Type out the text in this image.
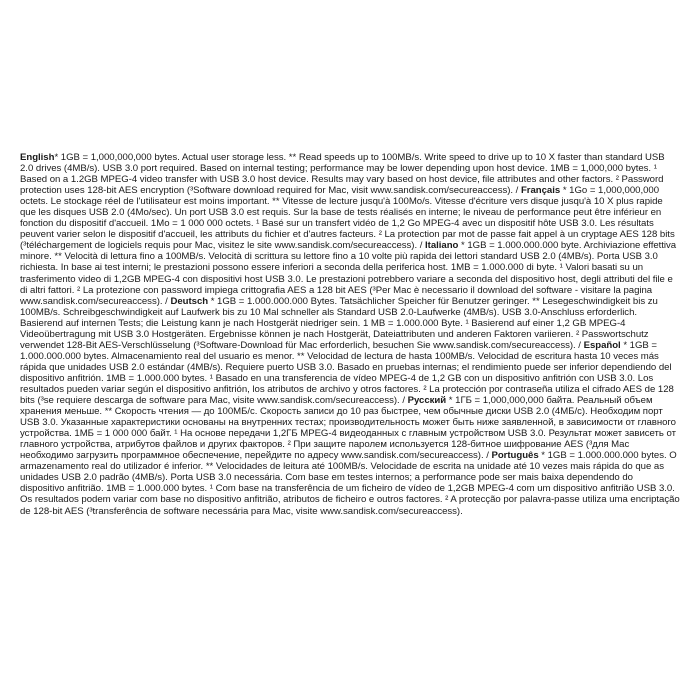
English* 1GB = 1,000,000,000 bytes. Actual user storage less. ** Read speeds up to 100MB/s. Write speed to drive up to 10 X faster than standard USB 2.0 drives (4MB/s). USB 3.0 port required. Based on internal testing; performance may be lower depending upon host device. 1MB = 1,000,000 bytes. ¹ Based on a 1.2GB MPEG-4 video transfer with USB 3.0 host device. Results may vary based on host device, file attributes and other factors. ² Password protection uses 128-bit AES encryption (³Software download required for Mac, visit www.sandisk.com/secureaccess). / Français * 1Go = 1,000,000,000 octets. Le stockage réel de l'utilisateur est moins important. ** Vitesse de lecture jusqu'à 100Mo/s. Vitesse d'écriture vers disque jusqu'à 10 X plus rapide que les disques USB 2.0 (4Mo/sec). Un port USB 3.0 est requis. Sur la base de tests réalisés en interne; le niveau de performance peut être inférieur en fonction du dispositif d'accueil. 1Mo = 1 000 000 octets. ¹ Basé sur un transfert vidéo de 1,2 Go MPEG-4 avec un dispositif hôte USB 3.0. Les résultats peuvent varier selon le dispositif d'accueil, les attributs du fichier et d'autres facteurs. ² La protection par mot de passe fait appel à un cryptage AES 128 bits (³téléchargement de logiciels requis pour Mac, visitez le site www.sandisk.com/secureaccess). / Italiano * 1GB = 1.000.000.000 byte. Archiviazione effettiva minore. ** Velocità di lettura fino a 100MB/s. Velocità di scrittura su lettore fino a 10 volte più rapida dei lettori standard USB 2.0 (4MB/s). Porta USB 3.0 richiesta. In base ai test interni; le prestazioni possono essere inferiori a seconda della periferica host. 1MB = 1.000.000 di byte. ¹ Valori basati su un trasferimento video di 1,2GB MPEG-4 con dispositivi host USB 3.0. Le prestazioni potrebbero variare a seconda del dispositivo host, degli attributi del file e di altri fattori. ² La protezione con password impiega crittografia AES a 128 bit AES (³Per Mac è necessario il download del software - visitare la pagina www.sandisk.com/secureaccess). / Deutsch * 1GB = 1.000.000.000 Bytes. Tatsächlicher Speicher für Benutzer geringer. ** Lesegeschwindigkeit bis zu 100MB/s. Schreibgeschwindigkeit auf Laufwerk bis zu 10 Mal schneller als Standard USB 2.0-Laufwerke (4MB/s). USB 3.0-Anschluss erforderlich. Basierend auf internen Tests; die Leistung kann je nach Hostgerät niedriger sein. 1 MB = 1.000.000 Byte. ¹ Basierend auf einer 1,2 GB MPEG-4 Videoübertragung mit USB 3.0 Hostgeräten. Ergebnisse können je nach Hostgerät, Dateiattributen und anderen Faktoren variieren. ² Passwortschutz verwendet 128-Bit AES-Verschlüsselung (³Software-Download für Mac erforderlich, besuchen Sie www.sandisk.com/secureaccess). / Español * 1GB = 1.000.000.000 bytes. Almacenamiento real del usuario es menor. ** Velocidad de lectura de hasta 100MB/s. Velocidad de escritura hasta 10 veces más rápida que unidades USB 2.0 estándar (4MB/s). Requiere puerto USB 3.0. Basado en pruebas internas; el rendimiento puede ser inferior dependiendo del dispositivo anfitrión. 1MB = 1.000.000 bytes. ¹ Basado en una transferencia de vídeo MPEG-4 de 1,2 GB con un dispositivo anfitrión con USB 3.0. Los resultados pueden variar según el dispositivo anfitrión, los atributos de archivo y otros factores. ² La protección por contraseña utiliza el cifrado AES de 128 bits (³se requiere descarga de software para Mac, visite www.sandisk.com/secureaccess). / Русский * 1ГБ = 1,000,000,000 байта. Реальный объем хранения меньше. ** Скорость чтения — до 100МБ/с. Скорость записи до 10 раз быстрее, чем обычные диски USB 2.0 (4МБ/с). Необходим порт USB 3.0. Указанные характеристики основаны на внутренних тестах; производительность может быть ниже заявленной, в зависимости от главного устройства. 1МБ = 1 000 000 байт. ¹ На основе передачи 1,2ГБ MPEG-4 видеоданных с главным устройством USB 3.0. Результат может зависеть от главного устройства, атрибутов файлов и других факторов. ² При защите паролем используется 128-битное шифрование AES (³для Mac необходимо загрузить программное обеспечение, перейдите по адресу www.sandisk.com/secureaccess). / Português * 1GB = 1.000.000.000 bytes. O armazenamento real do utilizador é inferior. ** Velocidades de leitura até 100MB/s. Velocidade de escrita na unidade até 10 vezes mais rápida do que as unidades USB 2.0 padrão (4MB/s). Porta USB 3.0 necessária. Com base em testes internos; a performance pode ser mais baixa dependendo do dispositivo anfitrião. 1MB = 1.000.000 bytes. ¹ Com base na transferência de um ficheiro de vídeo de 1,2GB MPEG-4 com um dispositivo anfitrião USB 3.0. Os resultados podem variar com base no dispositivo anfitrião, atributos de ficheiro e outros factores. ² A protecção por palavra-passe utiliza uma encriptação de 128-bit AES (³transferência de software necessária para Mac, visite www.sandisk.com/secureaccess).
